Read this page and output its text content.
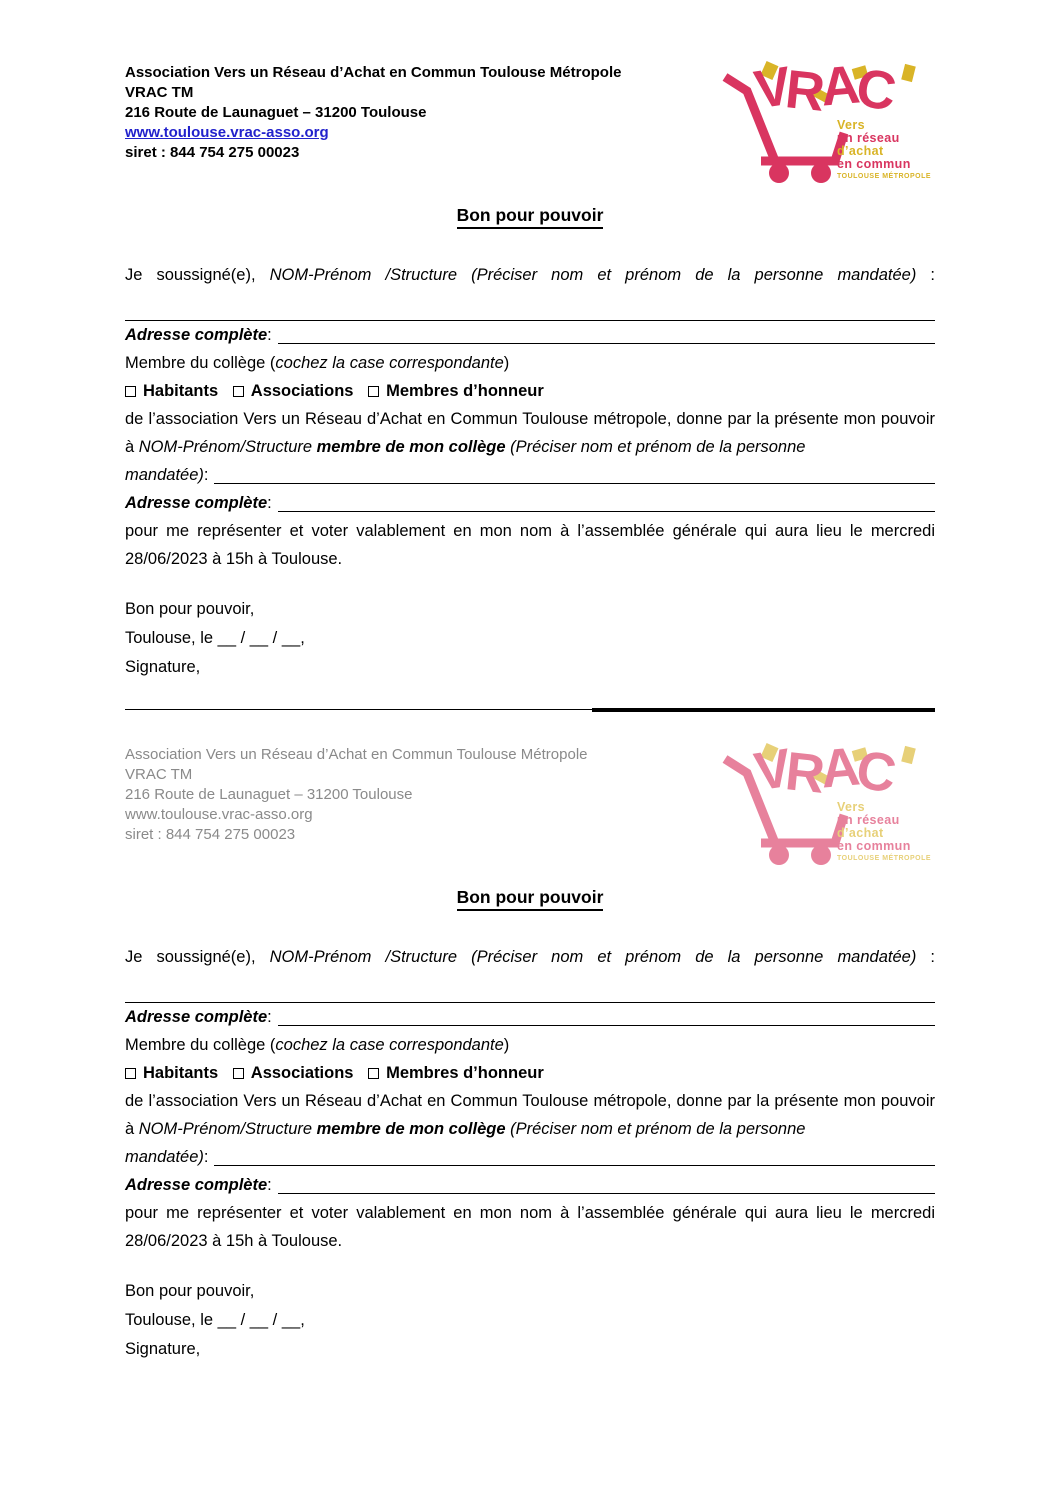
Association Vers un Réseau d’Achat en Commun Toulouse Métropole
VRAC TM
216 Route de Launaguet – 31200 Toulouse
www.toulouse.vrac-asso.org
siret : 844 754 275 00023
VRAC
Vers
un réseau
d’achat
en commun
TOULOUSE MÉTROPOLE
Bon pour pouvoir

Je soussigné(e), NOM-Prénom /Structure (Préciser nom et prénom de la personne mandatée) :

Adresse complète :
Membre du collège (cochez la case correspondante)
Habitants Associations Membres d’honneur

de l’association Vers un Réseau d’Achat en Commun Toulouse métropole, donne par la présente mon pouvoir à NOM-Prénom/Structure membre de mon collège (Préciser nom et prénom de la personne

mandatée) :
Adresse complète :

pour me représenter et voter valablement en mon nom à l’assemblée générale qui aura lieu le mercredi 28/06/2023 à 15h à Toulouse.

Bon pour pouvoir,
Toulouse, le __ / __ / __,
Signature,
Association Vers un Réseau d’Achat en Commun Toulouse Métropole
VRAC TM
216 Route de Launaguet – 31200 Toulouse
www.toulouse.vrac-asso.org
siret : 844 754 275 00023
VRAC
Vers
un réseau
d’achat
en commun
TOULOUSE MÉTROPOLE
Bon pour pouvoir

Je soussigné(e), NOM-Prénom /Structure (Préciser nom et prénom de la personne mandatée) :

Adresse complète :
Membre du collège (cochez la case correspondante)
Habitants Associations Membres d’honneur

de l’association Vers un Réseau d’Achat en Commun Toulouse métropole, donne par la présente mon pouvoir à NOM-Prénom/Structure membre de mon collège (Préciser nom et prénom de la personne

mandatée) :
Adresse complète :

pour me représenter et voter valablement en mon nom à l’assemblée générale qui aura lieu le mercredi 28/06/2023 à 15h à Toulouse.

Bon pour pouvoir,
Toulouse, le __ / __ / __,
Signature,
